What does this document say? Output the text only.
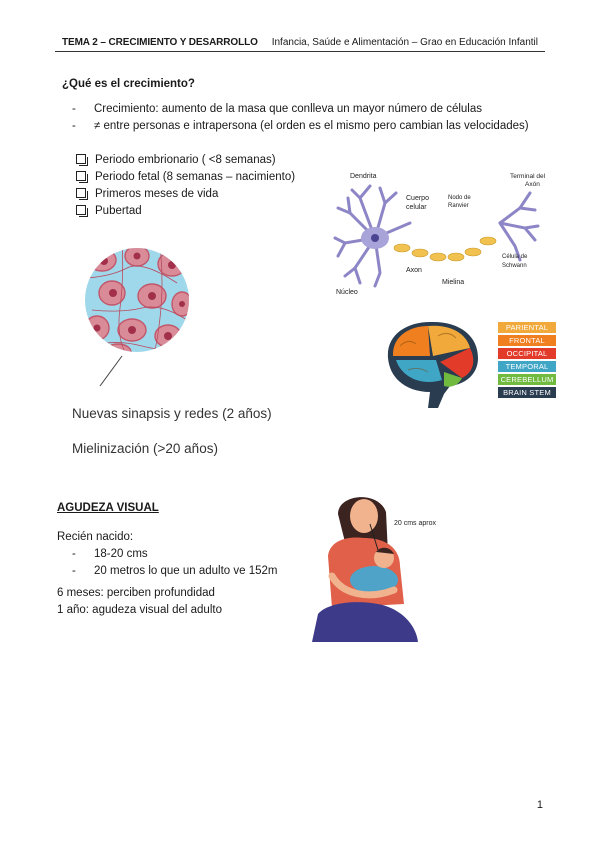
TEMA 2 – CRECIMIENTO Y DESARROLLO Infancia, Saúde e Alimentación – Grao en Educación Infantil
¿Qué es el crecimiento?
- Crecimiento: aumento de la masa que conlleva un mayor número de células
- ≠ entre personas e intrapersona (el orden es el mismo pero cambian las velocidades)
Periodo embrionario ( <8 semanas)
Periodo fetal (8 semanas – nacimiento)
Primeros meses de vida
Pubertad
Dendrita
Cuerpo
celular
Nodo de
Ranvier
Terminal del
Axón
Célula de
Schwann
Axon
Mielina
Núcleo
PARIENTAL
FRONTAL
OCCIPITAL
TEMPORAL
CEREBELLUM
BRAIN STEM
Nuevas sinapsis y redes (2 años)
Mielinización (>20 años)
AGUDEZA VISUAL
Recién nacido:
- 18-20 cms
- 20 metros lo que un adulto ve 152m
6 meses: perciben profundidad
1 año: agudeza visual del adulto
20 cms aprox
1
